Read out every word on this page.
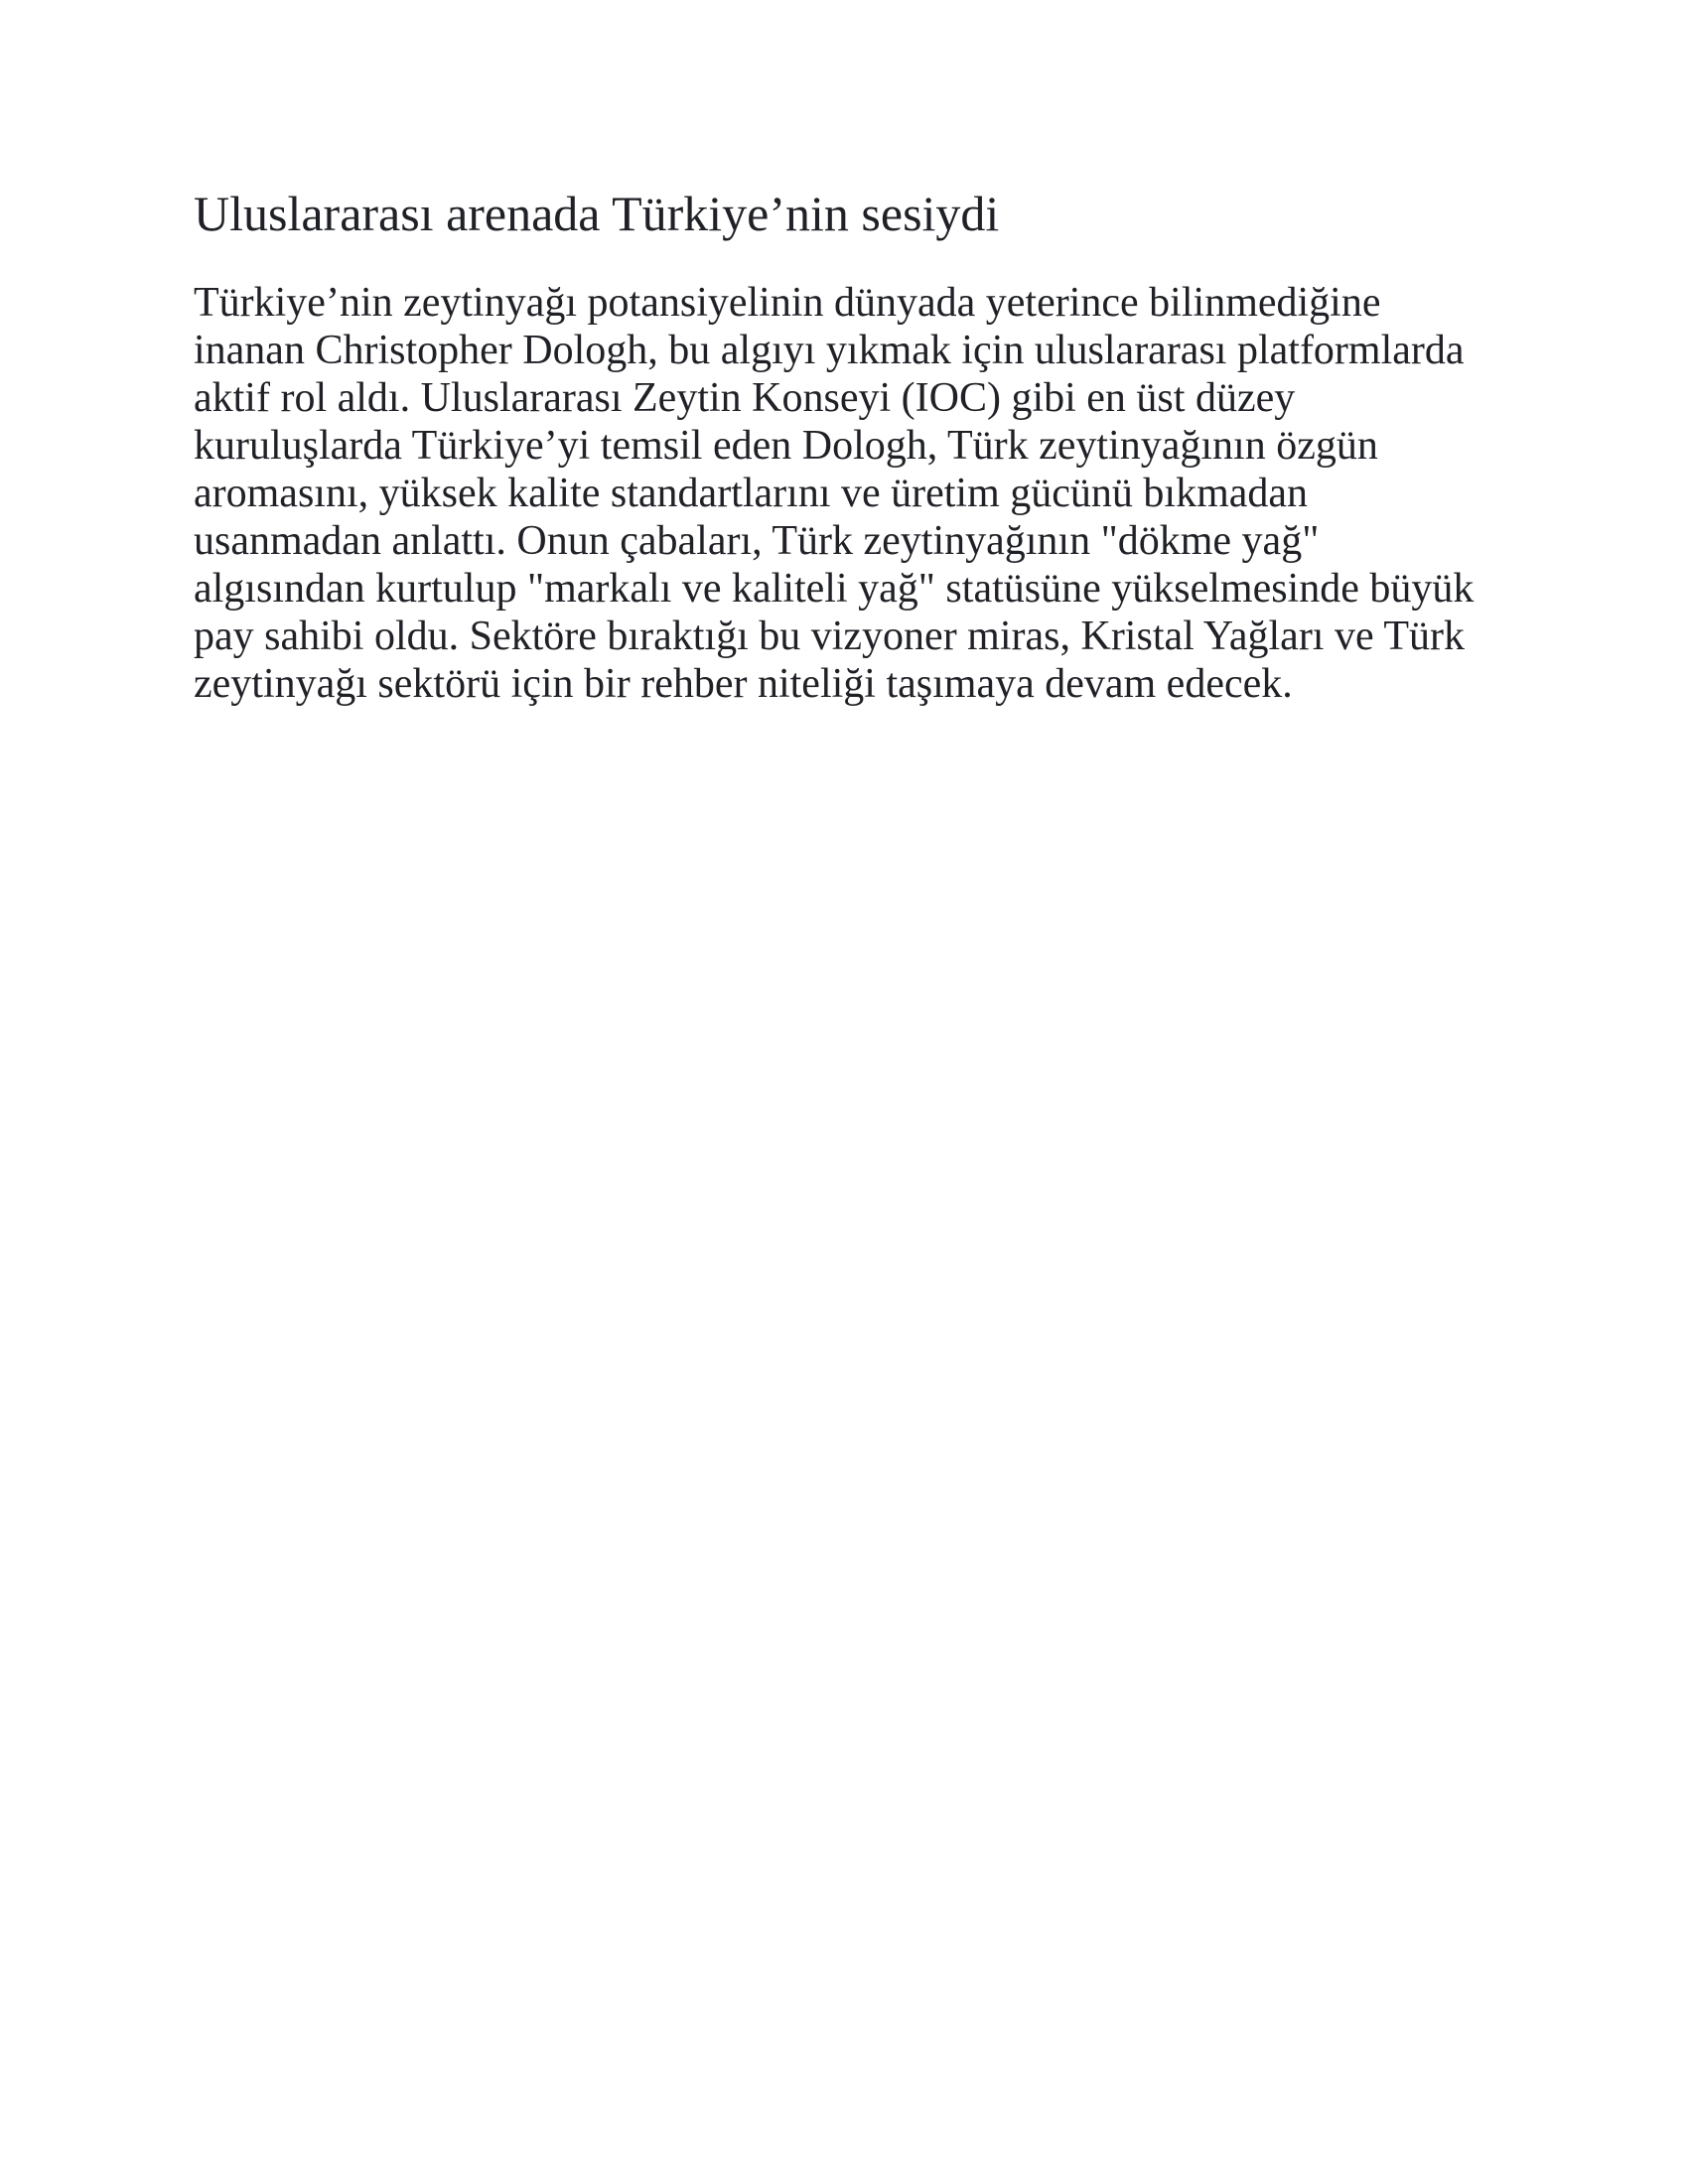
Uluslararası arenada Türkiye’nin sesiydi

Türkiye’nin zeytinyağı potansiyelinin dünyada yeterince bilinmediğine inanan Christopher Dologh, bu algıyı yıkmak için uluslararası platformlarda aktif rol aldı. Uluslararası Zeytin Konseyi (IOC) gibi en üst düzey kuruluşlarda Türkiye’yi temsil eden Dologh, Türk zeytinyağının özgün aromasını, yüksek kalite standartlarını ve üretim gücünü bıkmadan usanmadan anlattı. Onun çabaları, Türk zeytinyağının "dökme yağ" algısından kurtulup "markalı ve kaliteli yağ" statüsüne yükselmesinde büyük pay sahibi oldu. Sektöre bıraktığı bu vizyoner miras, Kristal Yağları ve Türk zeytinyağı sektörü için bir rehber niteliği taşımaya devam edecek.
